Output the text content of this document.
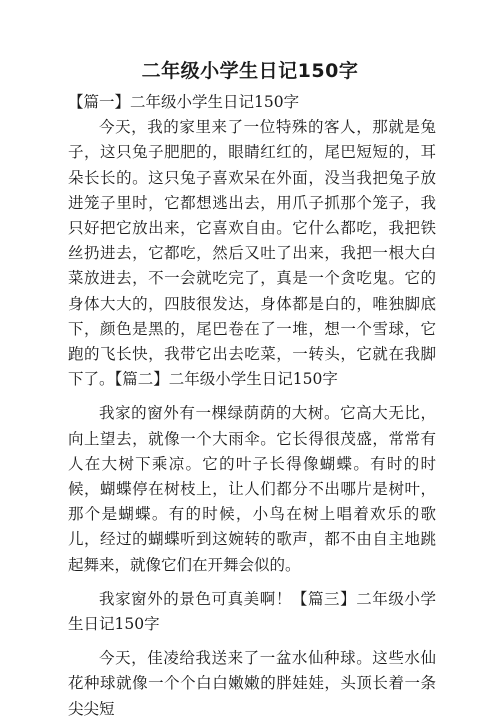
二年级小学生日记150字

【篇一】二年级小学生日记150字

今天，我的家里来了一位特殊的客人，那就是兔子，这只兔子肥肥的，眼睛红红的，尾巴短短的，耳朵长长的。这只兔子喜欢呆在外面，没当我把兔子放进笼子里时，它都想逃出去，用爪子抓那个笼子，我只好把它放出来，它喜欢自由。它什么都吃，我把铁丝扔进去，它都吃，然后又吐了出来，我把一根大白菜放进去，不一会就吃完了，真是一个贪吃鬼。它的身体大大的，四肢很发达，身体都是白的，唯独脚底下，颜色是黑的，尾巴卷在了一堆，想一个雪球，它跑的飞长快，我带它出去吃菜，一转头，它就在我脚下了。【篇二】二年级小学生日记150字

我家的窗外有一棵绿荫荫的大树。它高大无比，向上望去，就像一个大雨伞。它长得很茂盛，常常有人在大树下乘凉。它的叶子长得像蝴蝶。有时的时候，蝴蝶停在树枝上，让人们都分不出哪片是树叶，那个是蝴蝶。有的时候，小鸟在树上唱着欢乐的歌儿，经过的蝴蝶听到这婉转的歌声，都不由自主地跳起舞来，就像它们在开舞会似的。

我家窗外的景色可真美啊！【篇三】二年级小学生日记150字

今天，佳凌给我送来了一盆水仙种球。这些水仙花种球就像一个个白白嫩嫩的胖娃娃，头顶长着一条尖尖短
